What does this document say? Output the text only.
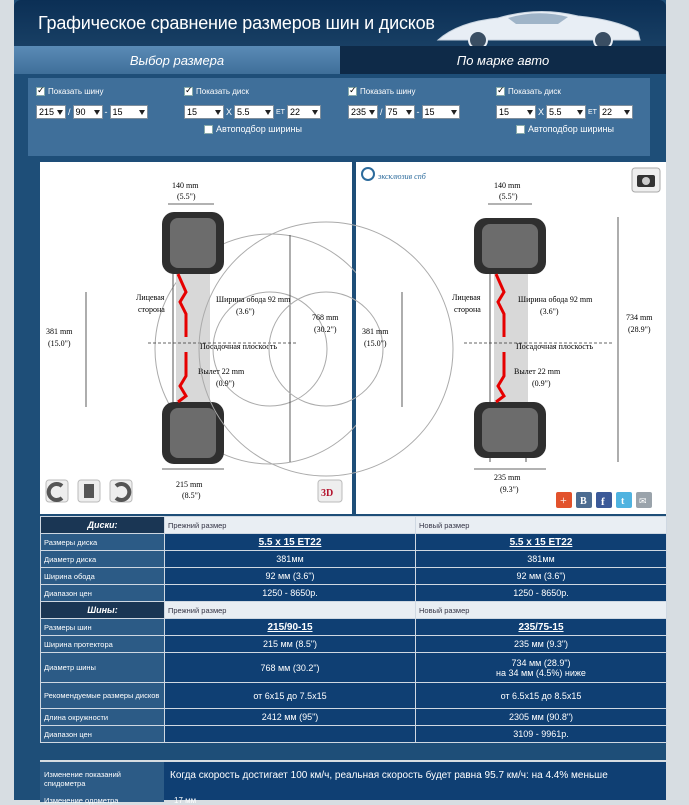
Графическое сравнение размеров шин и дисков
Выбор размера	По марке авто
✓
Показать шину ✓	Показать диск
215	/ 90	- 15	15	X 5.5	ET 22
Автоподбор ширины
✓
Показать шину ✓	Показать диск
235	/ 75	- 15	15	X 5.5	ET 22
Автоподбор ширины
140 mm
(5.5")
381 mm
(15.0")
768 mm
(30.2")
215 mm
(8.5")
Лицевая
сторона
Ширина обода 92 mm
(3.6")
Посадочная плоскость
Вылет 22 mm
(0.9")
3D
эксклюзив спб
140 mm
(5.5")
381 mm
(15.0")
734 mm
(28.9")
235 mm
(9.3")
Лицевая
сторона
Ширина обода 92 mm
(3.6")
Посадочная плоскость
Вылет 22 mm
(0.9")
+ B f t ✉
Диски:	Прежний размер	Новый размер
Размеры диска	5.5 x 15 ET22	5.5 x 15 ET22
Диаметр диска	381мм	381мм
Ширина обода	92 мм (3.6")	92 мм (3.6")
Диапазон цен	1250 - 8650р.	1250 - 8650р.
Шины:	Прежний размер	Новый размер
Размеры шин	215/90-15	235/75-15
Ширина протектора	215 мм (8.5")	235 мм (9.3")
Диаметр шины	768 мм (30.2")	734 мм (28.9")
на 34 мм (4.5%) ниже

Рекомендуемые размеры дисков	от 6x15 до 7.5x15	от 6.5x15 до 8.5x15
Длина окружности	2412 мм (95")	2305 мм (90.8")
Диапазон цен		3109 - 9961р.
Изменение показаний спидометра
Когда скорость достигает 100 км/ч, реальная скорость будет равна 95.7 км/ч: на 4.4% меньше
Изменение одометра	17 мм
